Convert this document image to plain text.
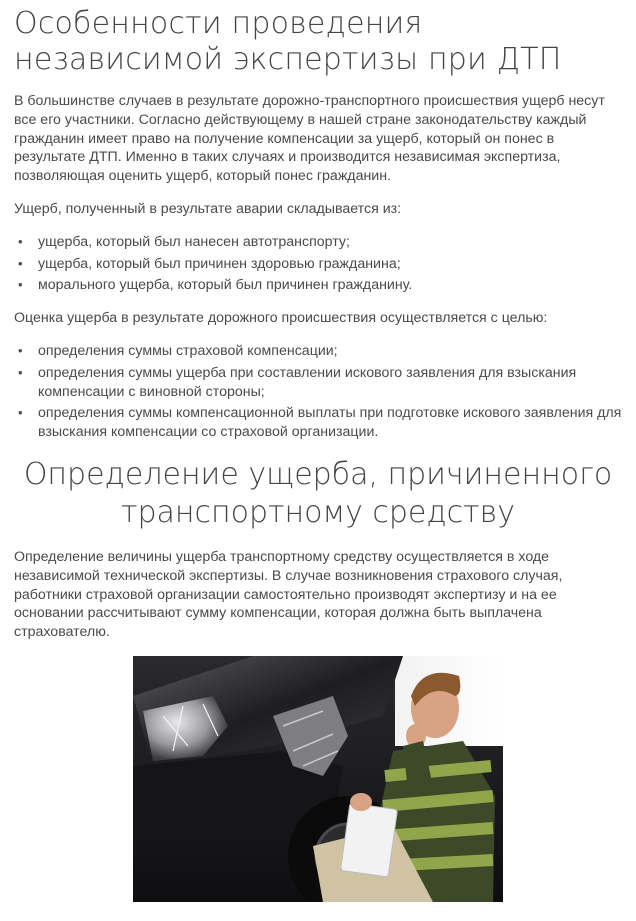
Особенности проведения независимой экспертизы при ДТП

В большинстве случаев в результате дорожно-транспортного происшествия ущерб несут все его участники. Согласно действующему в нашей стране законодательству каждый гражданин имеет право на получение компенсации за ущерб, который он понес в результате ДТП. Именно в таких случаях и производится независимая экспертиза, позволяющая оценить ущерб, который понес гражданин.

Ущерб, полученный в результате аварии складывается из:

• ущерба, который был нанесен автотранспорту;
• ущерба, который был причинен здоровью гражданина;
• морального ущерба, который был причинен гражданину.

Оценка ущерба в результате дорожного происшествия осуществляется с целью:

• определения суммы страховой компенсации;
• определения суммы ущерба при составлении искового заявления для взыскания компенсации с виновной стороны;
• определения суммы компенсационной выплаты при подготовке искового заявления для взыскания компенсации со страховой организации.
Определение ущерба, причиненного транспортному средству

Определение величины ущерба транспортному средству осуществляется в ходе независимой технической экспертизы. В случае возникновения страхового случая, работники страховой организации самостоятельно производят экспертизу и на ее основании рассчитывают сумму компенсации, которая должна быть выплачена страхователю.
